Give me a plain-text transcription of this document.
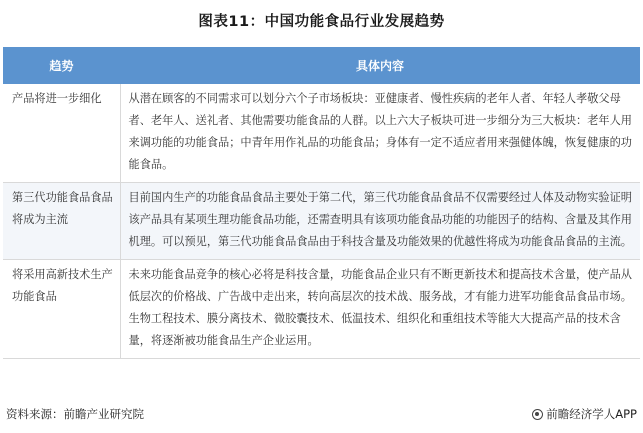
图表11：中国功能食品行业发展趋势
趋势	具体内容
产品将进一步细化	从潜在顾客的不同需求可以划分六个子市场板块：亚健康者、慢性疾病的老年人者、年轻人孝敬父母者、老年人、送礼者、其他需要功能食品的人群。以上六大子板块可进一步细分为三大板块：老年人用来调功能的功能食品；中青年用作礼品的功能食品；身体有一定不适应者用来强健体魄，恢复健康的功能食品。
第三代功能食品食品将成为主流	目前国内生产的功能食品食品主要处于第二代，第三代功能食品食品不仅需要经过人体及动物实验证明该产品具有某项生理功能食品功能，还需查明具有该项功能食品功能的功能因子的结构、含量及其作用机理。可以预见，第三代功能食品食品由于科技含量及功能效果的优越性将成为功能食品食品的主流。
将采用高新技术生产功能食品	未来功能食品竞争的核心必将是科技含量，功能食品企业只有不断更新技术和提高技术含量，使产品从低层次的价格战、广告战中走出来，转向高层次的技术战、服务战，才有能力进军功能食品食品市场。生物工程技术、膜分离技术、微胶囊技术、低温技术、组织化和重组技术等能大大提高产品的技术含量，将逐渐被功能食品生产企业运用。
资料来源：前瞻产业研究院	前瞻经济学人APP
